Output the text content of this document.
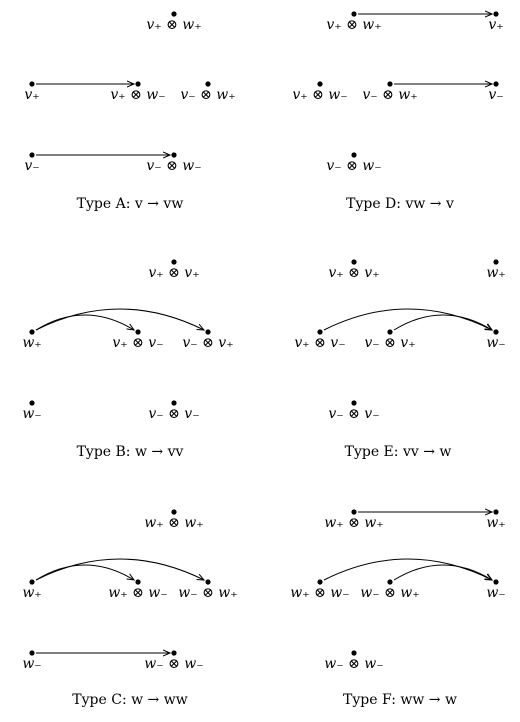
v₊ ⊗ w₊
v₊	v₊ ⊗ w₋ v₋ ⊗ w₊
v₋	v₋ ⊗ w₋
Type A: v → vw
v₊ ⊗ w₊	v₊
v₊ ⊗ w₋ v₋ ⊗ w₊	v₋
v₋ ⊗ w₋
Type D: vw → v
v₊ ⊗ v₊
w₊	v₊ ⊗ v₋ v₋ ⊗ v₊
w₋	v₋ ⊗ v₋
Type B: w → vv
v₊ ⊗ v₊	w₊
v₊ ⊗ v₋ v₋ ⊗ v₊	w₋
v₋ ⊗ v₋
Type E: vv → w
w₊ ⊗ w₊
w₊	w₊ ⊗ w₋ w₋ ⊗ w₊
w₋	w₋ ⊗ w₋
Type C: w → ww
w₊ ⊗ w₊	w₊
w₊ ⊗ w₋ w₋ ⊗ w₊	w₋
w₋ ⊗ w₋
Type F: ww → w
